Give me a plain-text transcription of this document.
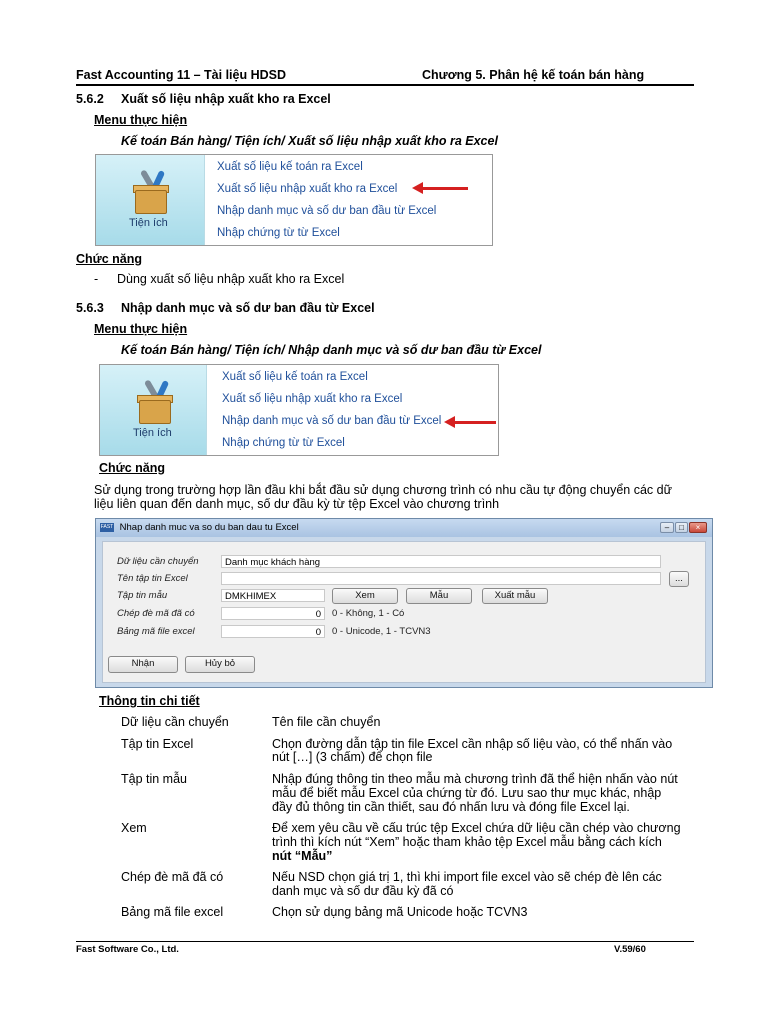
Fast Accounting 11 – Tài liệu HDSD	Chương 5. Phân hệ kế toán bán hàng
5.6.2 Xuất số liệu nhập xuất kho ra Excel
Menu thực hiện
Kế toán Bán hàng/ Tiện ích/ Xuất số liệu nhập xuất kho ra Excel
Tiện ích
Xuất số liệu kế toán ra Excel
Xuất số liệu nhập xuất kho ra Excel
Nhập danh mục và số dư ban đầu từ Excel
Nhập chứng từ từ Excel
Chức năng
- Dùng xuất số liệu nhập xuất kho ra Excel
5.6.3 Nhập danh mục và số dư ban đầu từ Excel
Menu thực hiện
Kế toán Bán hàng/ Tiện ích/ Nhập danh mục và số dư ban đầu từ Excel
Tiện ích
Xuất số liệu kế toán ra Excel
Xuất số liệu nhập xuất kho ra Excel
Nhập danh mục và số dư ban đầu từ Excel
Nhập chứng từ từ Excel
Chức năng
Sử dụng trong trường hợp lần đầu khi bắt đầu sử dụng chương trình có nhu cầu tự động chuyển các dữ
liệu liên quan đến danh mục, số dư đầu kỳ từ tệp Excel vào chương trình
FAST Nhap danh muc va so du ban dau tu Excel	–	□	×
Dữ liệu cần chuyển	Danh mục khách hàng
Tên tập tin Excel	...
Tập tin mẫu	DMKHIMEX	Xem	Mẫu	Xuất mẫu
Chép đè mã đã có	0	0 - Không, 1 - Có
Bảng mã file excel	0	0 - Unicode, 1 - TCVN3
Nhận	Hủy bỏ
Thông tin chi tiết
Dữ liệu cần chuyển	Tên file cần chuyển
Tập tin Excel	Chọn đường dẫn tập tin file Excel cần nhập số liệu vào, có thể nhấn vào
nút […] (3 chấm) để chọn file
Tập tin mẫu	Nhập đúng thông tin theo mẫu mà chương trình đã thể hiện nhấn vào nút
mẫu để biết mẫu Excel của chứng từ đó. Lưu sao thư mục khác, nhập
đầy đủ thông tin cần thiết, sau đó nhấn lưu và đóng file Excel lại.
Xem	Để xem yêu cầu về cấu trúc tệp Excel chứa dữ liệu cần chép vào chương
trình thì kích nút “Xem” hoặc tham khảo tệp Excel mẫu bằng cách kích
nút “Mẫu”
Chép đè mã đã có	Nếu NSD chọn giá trị 1, thì khi import file excel vào sẽ chép đè lên các
danh mục và số dư đầu kỳ đã có
Bảng mã file excel	Chọn sử dụng bảng mã Unicode hoặc TCVN3
Fast Software Co., Ltd.	V.59/60
